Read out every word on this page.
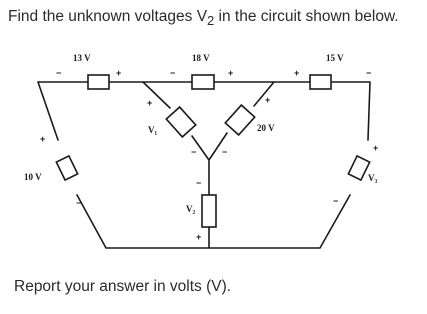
Find the unknown voltages $V_2$ in the circuit shown below.

13 V
−	+
18 V
−	+
15 V
+	−
10 V
+
−
V₁
+
−
20 V
+
−
V₂
−
+
V₃
+
−

Report your answer in volts (V).
